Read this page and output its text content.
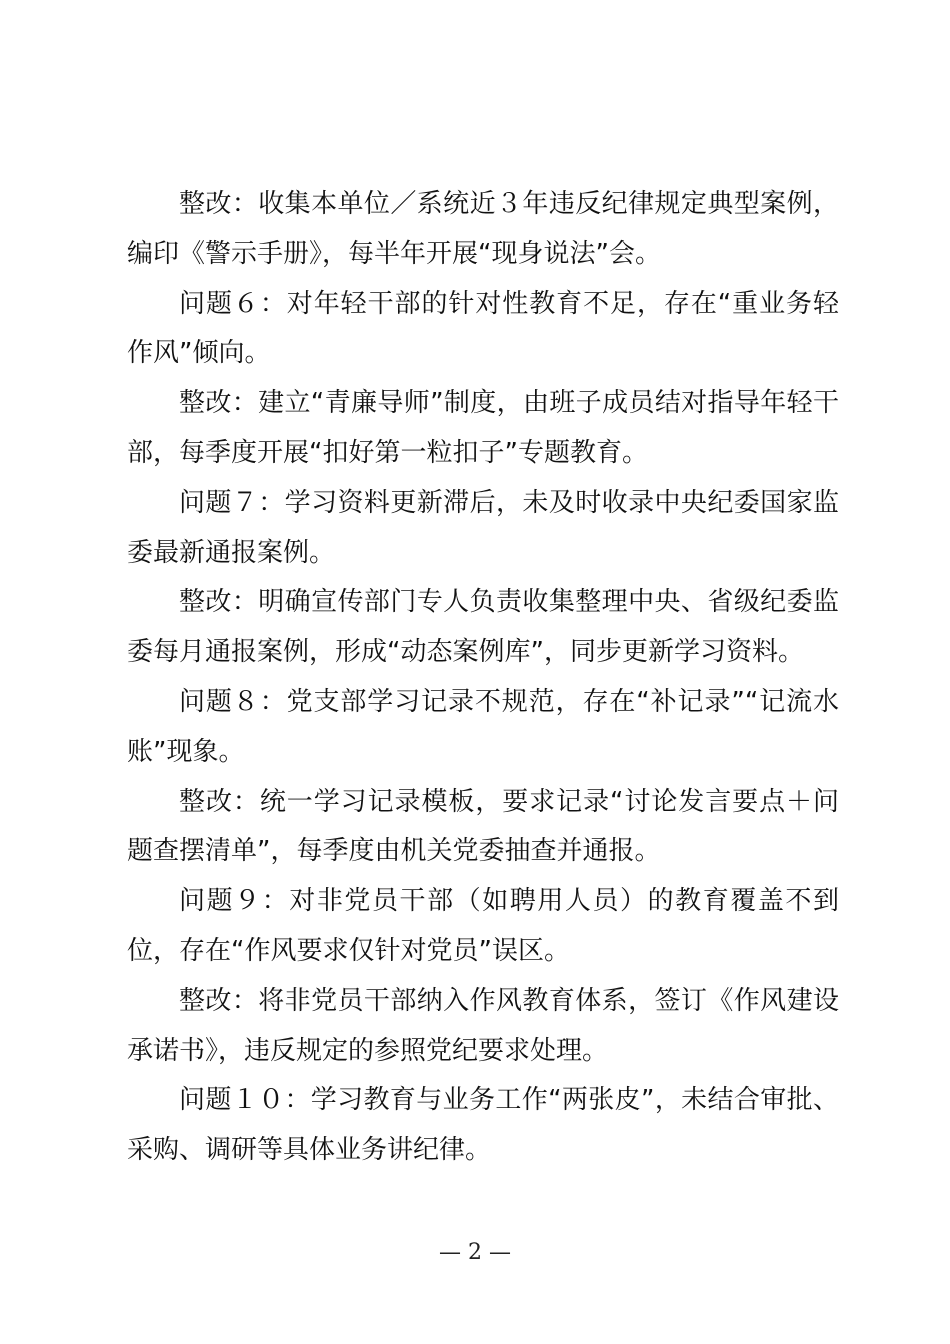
整改：收集本单位／系统近３年违反纪律规定典型案例，编印《警示手册》，每半年开展“现身说法”会。

问题６：对年轻干部的针对性教育不足，存在“重业务轻作风”倾向。

整改：建立“青廉导师”制度，由班子成员结对指导年轻干部，每季度开展“扣好第一粒扣子”专题教育。

问题７：学习资料更新滞后，未及时收录中央纪委国家监委最新通报案例。

整改：明确宣传部门专人负责收集整理中央、省级纪委监委每月通报案例，形成“动态案例库”，同步更新学习资料。

问题８：党支部学习记录不规范，存在“补记录”“记流水账”现象。

整改：统一学习记录模板，要求记录“讨论发言要点＋问题查摆清单”，每季度由机关党委抽查并通报。

问题９：对非党员干部（如聘用人员）的教育覆盖不到位，存在“作风要求仅针对党员”误区。

整改：将非党员干部纳入作风教育体系，签订《作风建设承诺书》，违反规定的参照党纪要求处理。

问题１０：学习教育与业务工作“两张皮”，未结合审批、采购、调研等具体业务讲纪律。

— 2 —
